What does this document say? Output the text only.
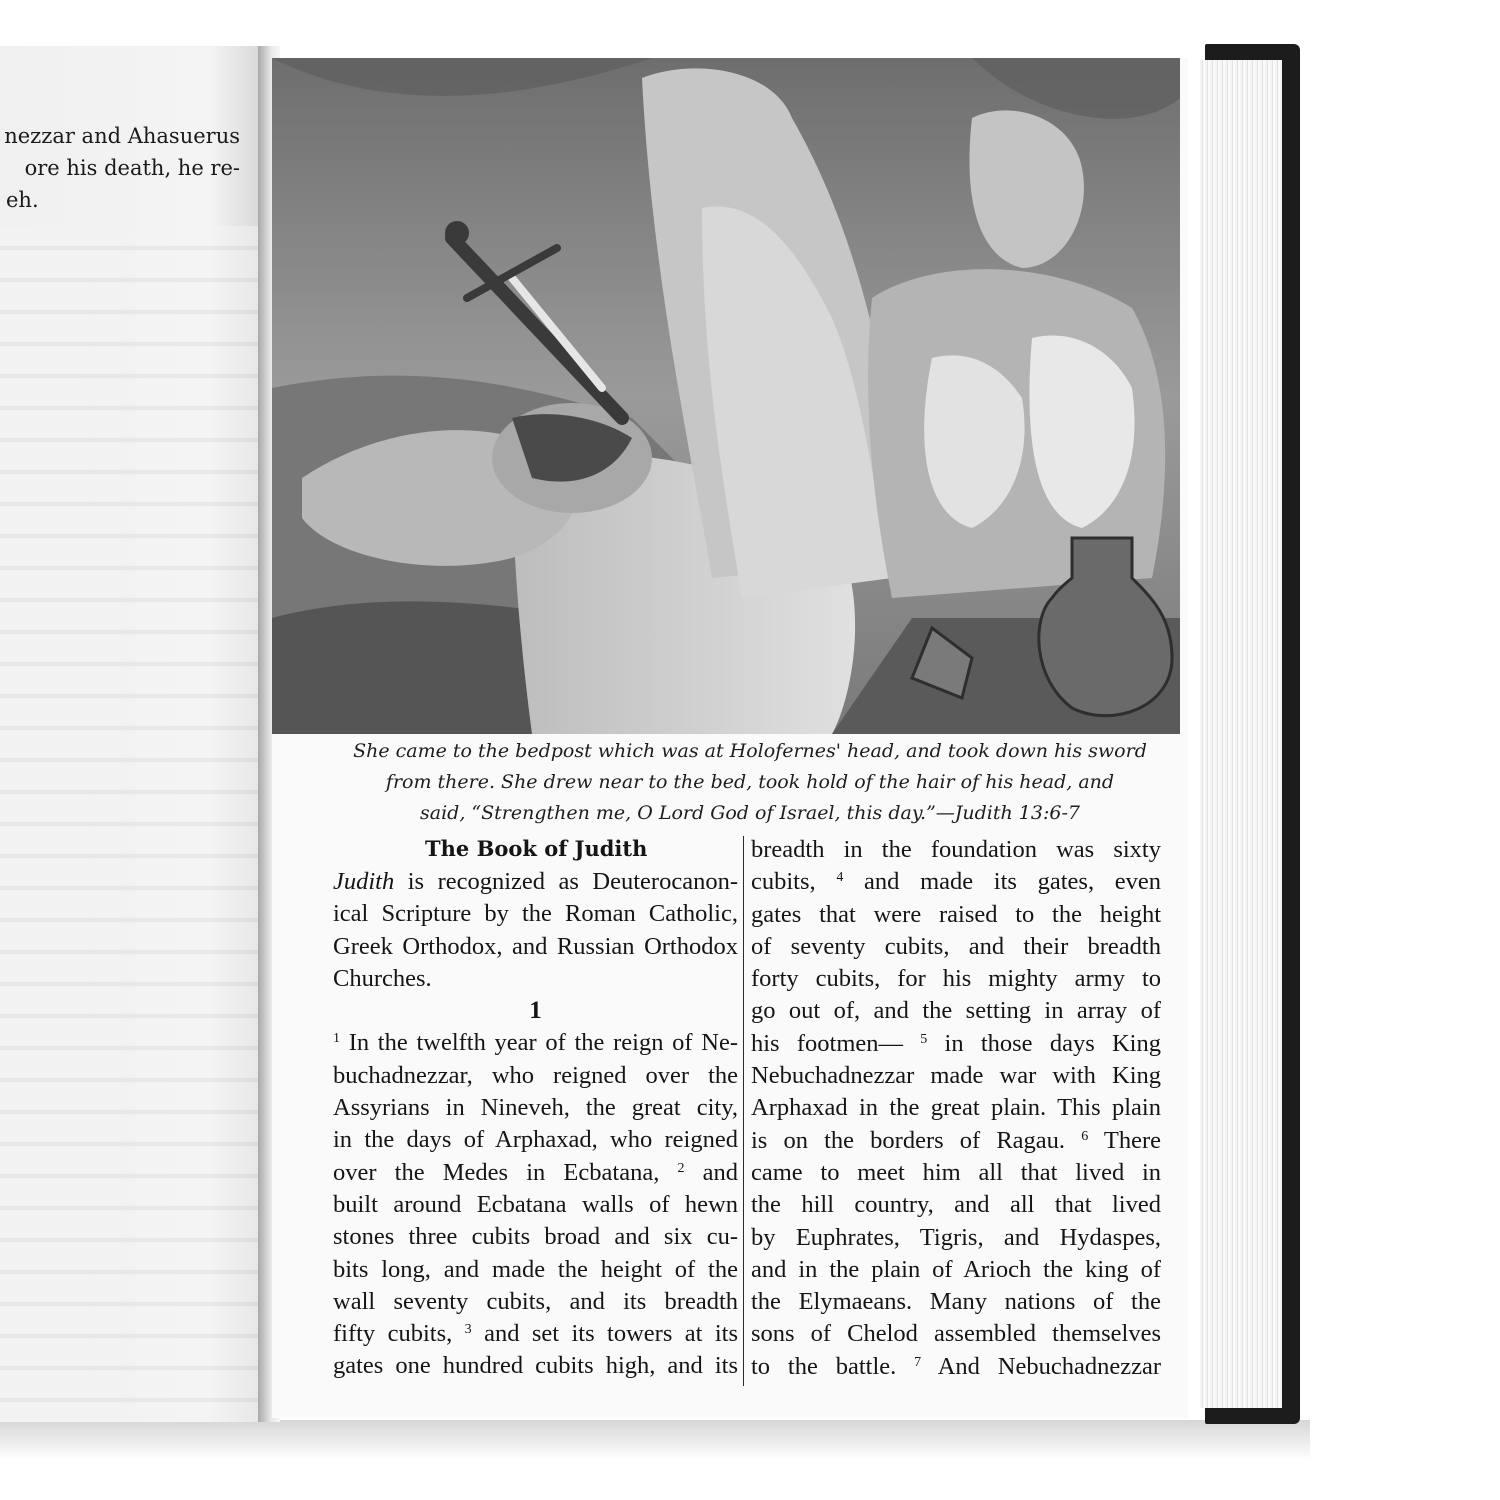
nezzar and Ahasuerus
ore his death, he re-
eh.
She came to the bedpost which was at Holofernes' head, and took down his sword
from there. She drew near to the bed, took hold of the hair of his head, and
said, “Strengthen me, O Lord God of Israel, this day.”—Judith 13:6-7
The Book of Judith
Judith is recognized as Deuterocanon-
ical Scripture by the Roman Catholic,
Greek Orthodox, and Russian Orthodox
Churches.
1
$^1$ In the twelfth year of the reign of Ne-
buchadnezzar, who reigned over the
Assyrians in Nineveh, the great city,
in the days of Arphaxad, who reigned
over the Medes in Ecbatana, $^2$ and
built around Ecbatana walls of hewn
stones three cubits broad and six cu-
bits long, and made the height of the
wall seventy cubits, and its breadth
fifty cubits, $^3$ and set its towers at its
gates one hundred cubits high, and its
breadth in the foundation was sixty
cubits, $^4$ and made its gates, even
gates that were raised to the height
of seventy cubits, and their breadth
forty cubits, for his mighty army to
go out of, and the setting in array of
his footmen— $^5$ in those days King
Nebuchadnezzar made war with King
Arphaxad in the great plain. This plain
is on the borders of Ragau. $^6$ There
came to meet him all that lived in
the hill country, and all that lived
by Euphrates, Tigris, and Hydaspes,
and in the plain of Arioch the king of
the Elymaeans. Many nations of the
sons of Chelod assembled themselves
to the battle. $^7$ And Nebuchadnezzar
